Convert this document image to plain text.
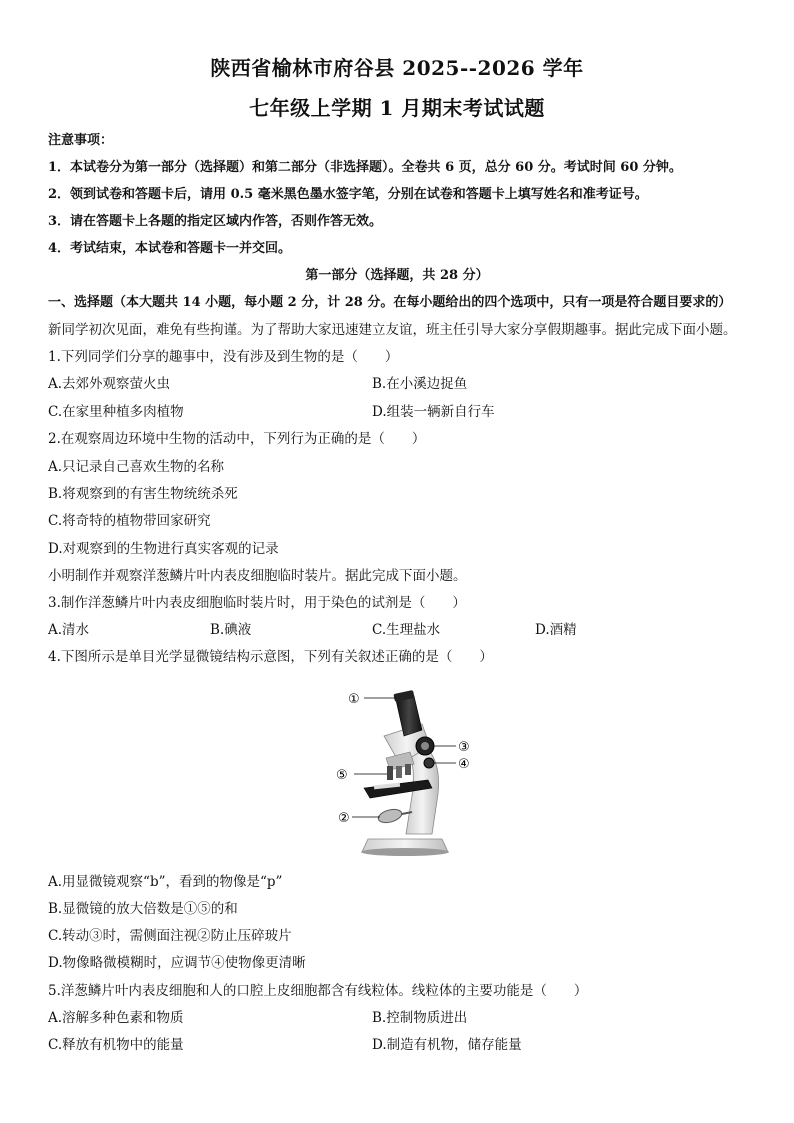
陕西省榆林市府谷县 2025--2026 学年
七年级上学期 1 月期末考试试题
注意事项：
1．本试卷分为第一部分（选择题）和第二部分（非选择题）。全卷共 6 页，总分 60 分。考试时间 60 分钟。
2．领到试卷和答题卡后，请用 0.5 毫米黑色墨水签字笔，分别在试卷和答题卡上填写姓名和准考证号。
3．请在答题卡上各题的指定区域内作答，否则作答无效。
4．考试结束，本试卷和答题卡一并交回。
第一部分（选择题，共 28 分）
一、选择题（本大题共 14 小题，每小题 2 分，计 28 分。在每小题给出的四个选项中，只有一项是符合题目要求的）
新同学初次见面，难免有些拘谨。为了帮助大家迅速建立友谊，班主任引导大家分享假期趣事。据此完成下面小题。
1.下列同学们分享的趣事中，没有涉及到生物的是（　　）
A.去郊外观察萤火虫	B.在小溪边捉鱼
C.在家里种植多肉植物	D.组装一辆新自行车
2.在观察周边环境中生物的活动中，下列行为正确的是（　　）
A.只记录自己喜欢生物的名称
B.将观察到的有害生物统统杀死
C.将奇特的植物带回家研究
D.对观察到的生物进行真实客观的记录
小明制作并观察洋葱鳞片叶内表皮细胞临时装片。据此完成下面小题。
3.制作洋葱鳞片叶内表皮细胞临时装片时，用于染色的试剂是（　　）
A.清水	B.碘液	C.生理盐水	D.酒精
4.下图所示是单目光学显微镜结构示意图，下列有关叙述正确的是（　　）
①
②
③
④
⑤
A.用显微镜观察“b”，看到的物像是“p”
B.显微镜的放大倍数是①⑤的和
C.转动③时，需侧面注视②防止压碎玻片
D.物像略微模糊时，应调节④使物像更清晰
5.洋葱鳞片叶内表皮细胞和人的口腔上皮细胞都含有线粒体。线粒体的主要功能是（　　）
A.溶解多种色素和物质	B.控制物质进出
C.释放有机物中的能量	D.制造有机物，储存能量
